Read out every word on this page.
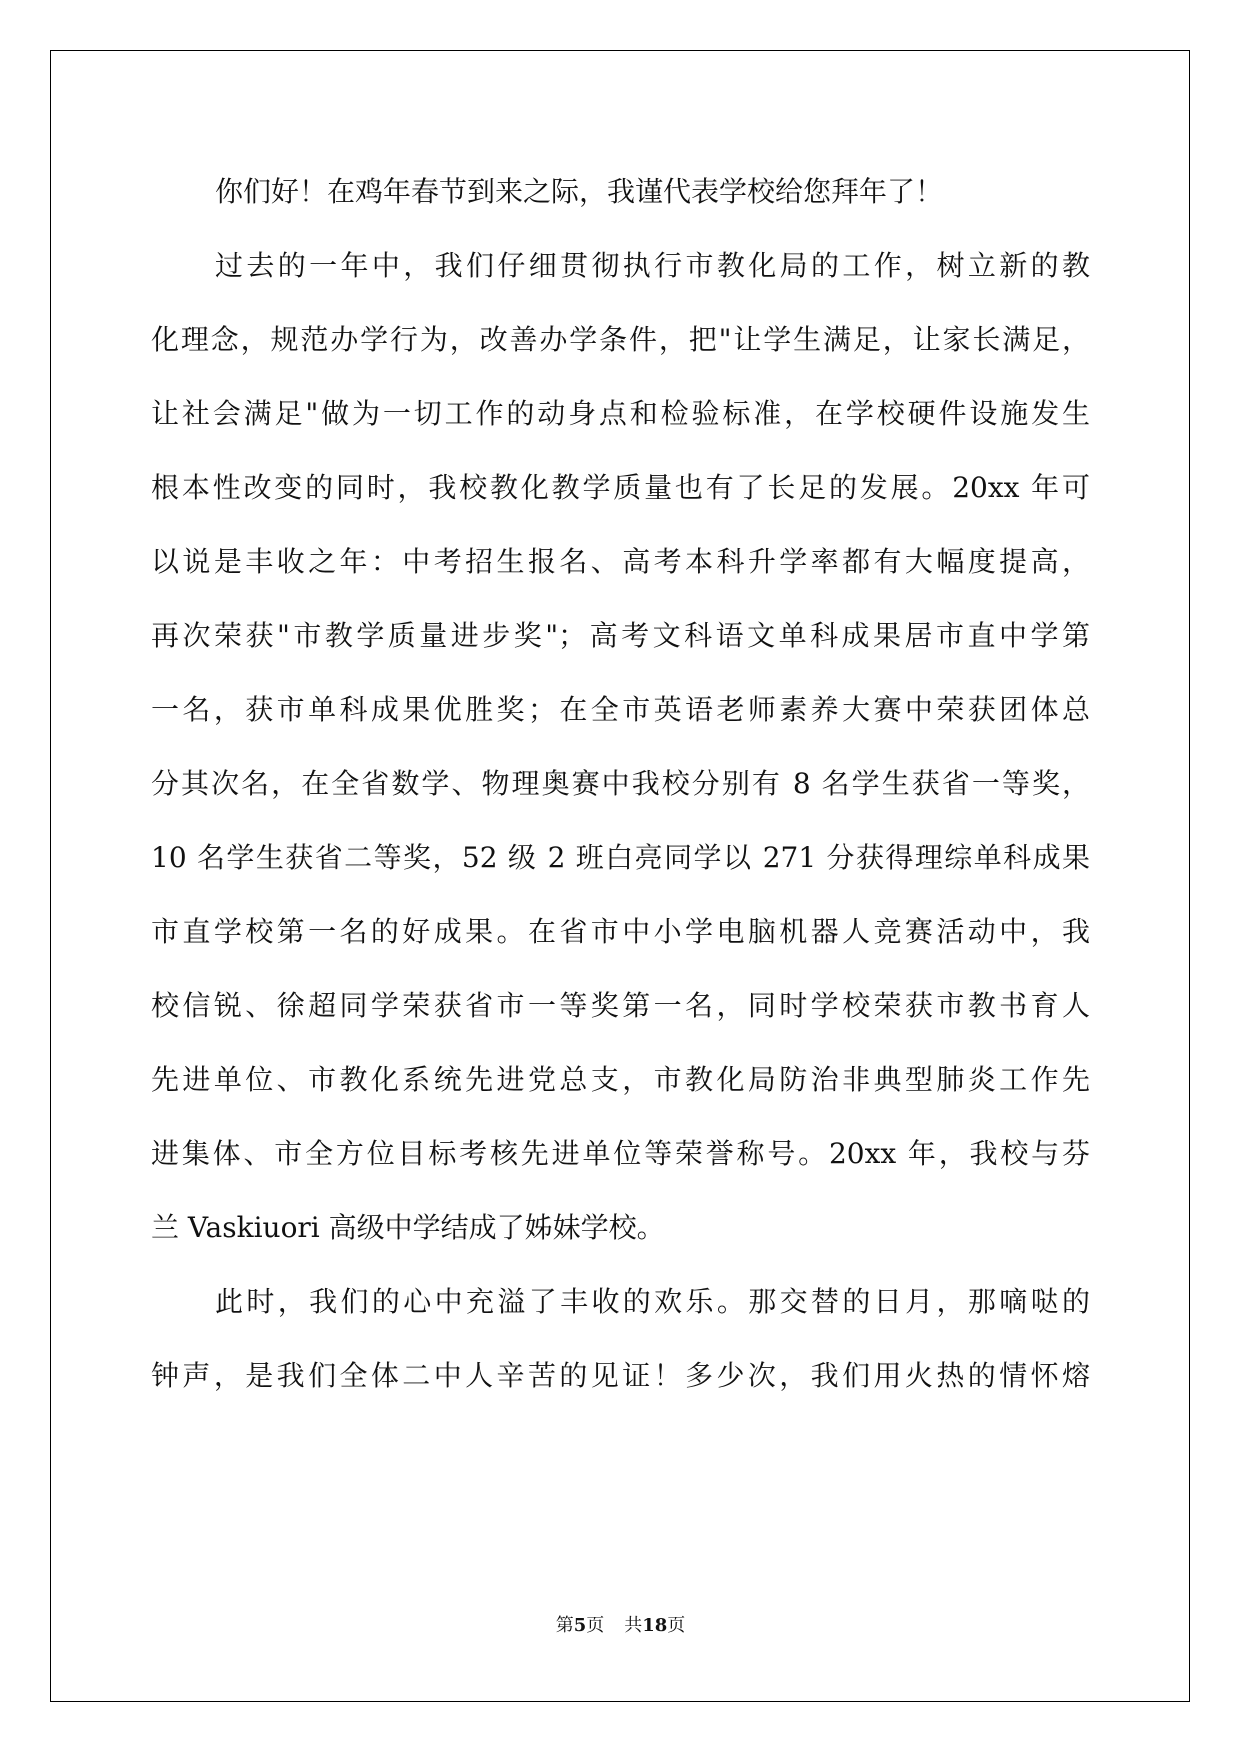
你们好！在鸡年春节到来之际，我谨代表学校给您拜年了！
过去的一年中，我们仔细贯彻执行市教化局的工作，树立新的教
化理念，规范办学行为，改善办学条件，把"让学生满足，让家长满足，
让社会满足"做为一切工作的动身点和检验标准，在学校硬件设施发生
根本性改变的同时，我校教化教学质量也有了长足的发展。20xx 年可
以说是丰收之年：中考招生报名、高考本科升学率都有大幅度提高，
再次荣获"市教学质量进步奖"；高考文科语文单科成果居市直中学第
一名，获市单科成果优胜奖；在全市英语老师素养大赛中荣获团体总
分其次名，在全省数学、物理奥赛中我校分别有 8 名学生获省一等奖，
10 名学生获省二等奖，52 级 2 班白亮同学以 271 分获得理综单科成果
市直学校第一名的好成果。在省市中小学电脑机器人竞赛活动中，我
校信锐、徐超同学荣获省市一等奖第一名，同时学校荣获市教书育人
先进单位、市教化系统先进党总支，市教化局防治非典型肺炎工作先
进集体、市全方位目标考核先进单位等荣誉称号。20xx 年，我校与芬
兰 Vaskiuori 高级中学结成了姊妹学校。
此时，我们的心中充溢了丰收的欢乐。那交替的日月，那嘀哒的
钟声，是我们全体二中人辛苦的见证！多少次，我们用火热的情怀熔
第5页 共18页
